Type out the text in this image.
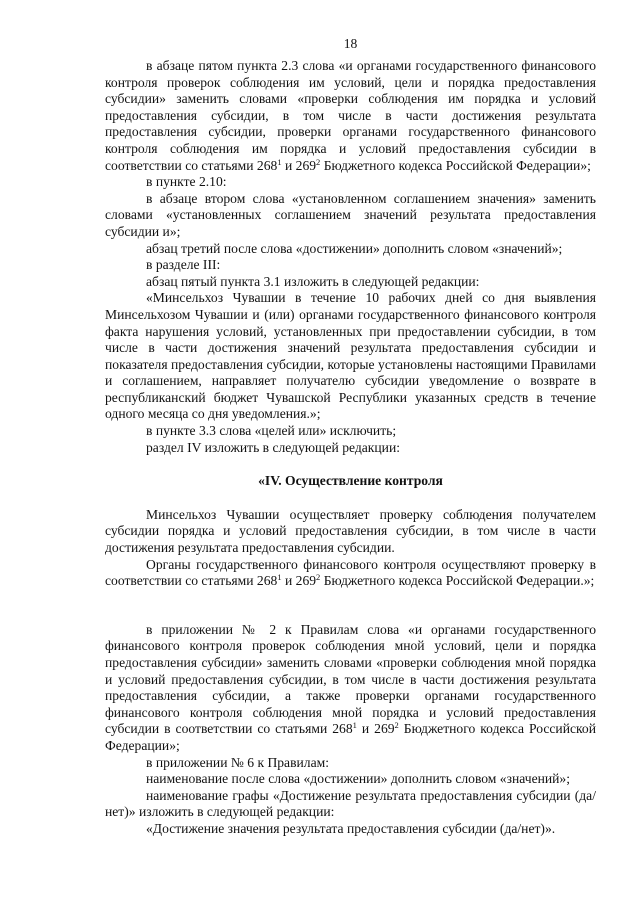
18

в абзаце пятом пункта 2.3 слова «и органами государственного финансового контроля проверок соблюдения им условий, цели и порядка предоставления субсидии» заменить словами «проверки соблюдения им порядка и условий предоставления субсидии, в том числе в части достижения результата предоставления субсидии, проверки органами государственного финансового контроля соблюдения им порядка и условий предоставления субсидии в соответствии со статьями $268^1$ и $269^2$ Бюджетного кодекса Российской Федерации»;

в пункте 2.10:

в абзаце втором слова «установленном соглашением значения» заменить словами «установленных соглашением значений результата предоставления субсидии и»;

абзац третий после слова «достижении» дополнить словом «значений»;

в разделе III:

абзац пятый пункта 3.1 изложить в следующей редакции:

«Минсельхоз Чувашии в течение 10 рабочих дней со дня выявления Минсельхозом Чувашии и (или) органами государственного финансового контроля факта нарушения условий, установленных при предоставлении субсидии, в том числе в части достижения значений результата предоставления субсидии и показателя предоставления субсидии, которые установлены настоящими Правилами и соглашением, направляет получателю субсидии уведомление о возврате в республиканский бюджет Чувашской Республики указанных средств в течение одного месяца со дня уведомления.»;

в пункте 3.3 слова «целей или» исключить;

раздел IV изложить в следующей редакции:

«IV. Осуществление контроля

Минсельхоз Чувашии осуществляет проверку соблюдения получателем субсидии порядка и условий предоставления субсидии, в том числе в части достижения результата предоставления субсидии.

Органы государственного финансового контроля осуществляют проверку в соответствии со статьями $268^1$ и $269^2$ Бюджетного кодекса Российской Федерации.»;

в приложении № 2 к Правилам слова «и органами государственного финансового контроля проверок соблюдения мной условий, цели и порядка предоставления субсидии» заменить словами «проверки соблюдения мной порядка и условий предоставления субсидии, в том числе в части достижения результата предоставления субсидии, а также проверки органами государственного финансового контроля соблюдения мной порядка и условий предоставления субсидии в соответствии со статьями $268^1$ и $269^2$ Бюджетного кодекса Российской Федерации»;

в приложении № 6 к Правилам:

наименование после слова «достижении» дополнить словом «значений»;

наименование графы «Достижение результата предоставления субсидии (да/нет)» изложить в следующей редакции:

«Достижение значения результата предоставления субсидии (да/нет)».
